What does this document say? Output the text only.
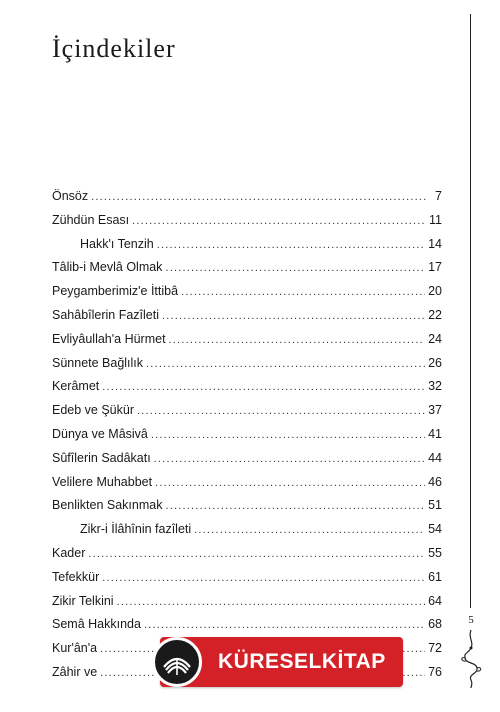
İçindekiler
Önsöz .....	7
Zühdün Esası .....	11
Hakk'ı Tenzih .....	14
Tâlib-i Mevlâ Olmak .....	17
Peygamberimiz'e İttibâ .....	20
Sahâbîlerin Fazîleti .....	22
Evliyâullah'a Hürmet .....	24
Sünnete Bağlılık .....	26
Kerâmet .....	32
Edeb ve Şükür .....	37
Dünya ve Mâsivâ .....	41
Sûfîlerin Sadâkatı .....	44
Velilere Muhabbet .....	46
Benlikten Sakınmak .....	51
Zikr-i İlâhînin fazîleti .....	54
Kader .....	55
Tefekkür .....	61
Zikir Telkini .....	64
Semâ Hakkında .....	68
Kur'ân'a .....	72
Zâhir ve .....	76
5
KÜRESELKİTAP
